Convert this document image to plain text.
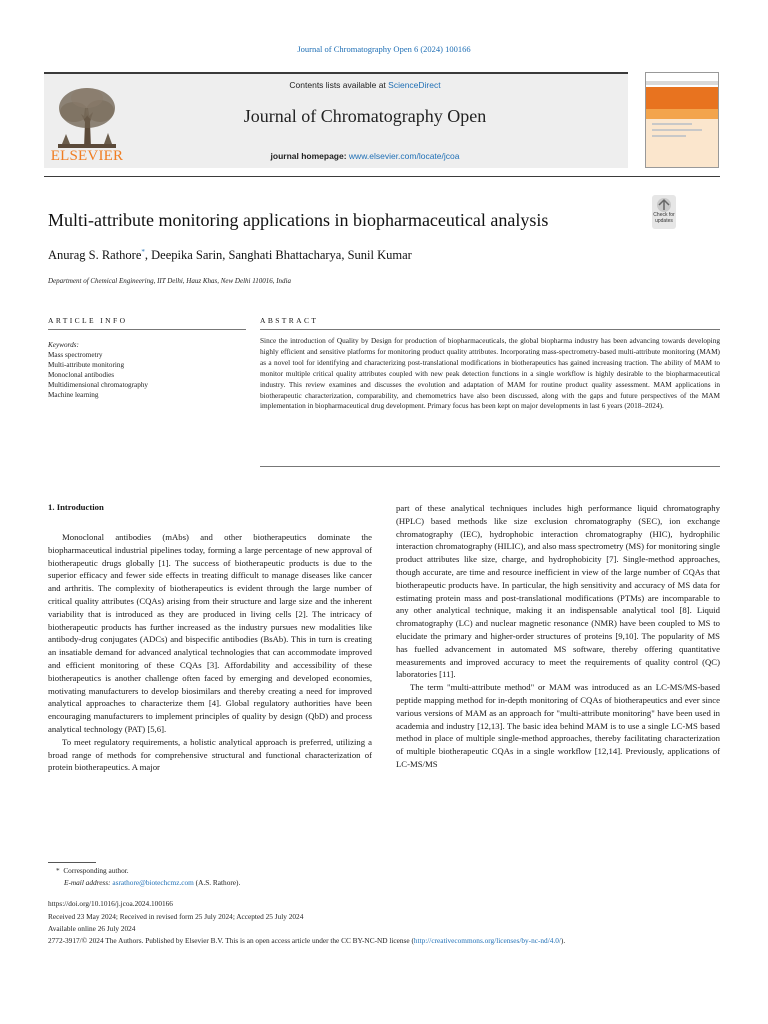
Journal of Chromatography Open 6 (2024) 100166
ELSEVIER
Contents lists available at ScienceDirect
Journal of Chromatography Open
journal homepage: www.elsevier.com/locate/jcoa
Multi-attribute monitoring applications in biopharmaceutical analysis	Check for updates
Anurag S. Rathore*, Deepika Sarin, Sanghati Bhattacharya, Sunil Kumar
Department of Chemical Engineering, IIT Delhi, Hauz Khas, New Delhi 110016, India
ARTICLE INFO	ABSTRACT
Keywords:
Mass spectrometry
Multi-attribute monitoring
Monoclonal antibodies
Multidimensional chromatography
Machine learning
Since the introduction of Quality by Design for production of biopharmaceuticals, the global biopharma industry has been advancing towards developing highly efficient and sensitive platforms for monitoring product quality attributes. Incorporating mass-spectrometry-based multi-attribute monitoring (MAM) as a novel tool for identifying and characterizing post-translational modifications in biotherapeutics has gained increasing traction. The ability of MAM to monitor multiple critical quality attributes coupled with new peak detection functions in a single workflow is highly desirable to the biopharmaceutical industry. This review examines and discusses the evolution and adaptation of MAM for routine product quality assessment. MAM applications in biotherapeutic characterization, comparability, and chemometrics have also been discussed, along with the gaps and future perspectives of the MAM implementation in biopharmaceutical drug development. Primary focus has been kept on major developments in last 6 years (2018–2024).
1. Introduction

Monoclonal antibodies (mAbs) and other biotherapeutics dominate the biopharmaceutical industrial pipelines today, forming a large percentage of new approval of biotherapeutic drugs globally [1]. The success of biotherapeutic products is due to the superior efficacy and fewer side effects in treating difficult to manage diseases like cancer and arthritis. The complexity of biotherapeutics is evident through the large number of critical quality attributes (CQAs) arising from their structure and large size and the inherent variability that is introduced as they are produced in living cells [2]. The intricacy of biotherapeutic products has further increased as the industry pursues new modalities like antibody-drug conjugates (ADCs) and bispecific antibodies (BsAb). This in turn is creating an insatiable demand for advanced analytical technologies that can accommodate improved and efficient monitoring of these CQAs [3]. Affordability and accessibility of these biotherapeutics is another challenge often faced by emerging and developed economies, motivating manufacturers to develop biosimilars and thereby creating a need for improved analytical approaches to characterize them [4]. Global regulatory authorities have been encouraging manufacturers to implement principles of quality by design (QbD) and process analytical technology (PAT) [5,6].

To meet regulatory requirements, a holistic analytical approach is preferred, utilizing a broad range of methods for comprehensive structural and functional characterization of protein biotherapeutics. A major

part of these analytical techniques includes high performance liquid chromatography (HPLC) based methods like size exclusion chromatography (SEC), ion exchange chromatography (IEC), hydrophobic interaction chromatography (HIC), hydrophilic interaction chromatography (HILIC), and also mass spectrometry (MS) for monitoring single product attributes like size, charge, and hydrophobicity [7]. Single-method approaches, though accurate, are time and resource inefficient in view of the large number of CQAs that biotherapeutic products have. In particular, the high sensitivity and accuracy of MS data for estimating protein mass and post-translational modifications (PTMs) are incomparable to any other analytical technique, making it an indispensable analytical tool [8]. Liquid chromatography (LC) and nuclear magnetic resonance (NMR) have been coupled to MS to elucidate the primary and higher-order structures of proteins [9,10]. The popularity of MS has fuelled advancement in automated MS software, thereby offering quantitative measurements and improved accuracy to meet the requirements of quality control (QC) laboratories [11].

The term "multi-attribute method" or MAM was introduced as an LC-MS/MS-based peptide mapping method for in-depth monitoring of CQAs of biotherapeutics and ever since various versions of MAM as an approach for "multi-attribute monitoring" have been used in academia and industry [12,13]. The basic idea behind MAM is to use a single LC-MS based method in place of multiple single-method approaches, thereby facilitating characterization of multiple biotherapeutic CQAs in a single workflow [12,14]. Previously, applications of LC-MS/MS

* Corresponding author.
E-mail address: asrathore@biotechcmz.com (A.S. Rathore).
https://doi.org/10.1016/j.jcoa.2024.100166
Received 23 May 2024; Received in revised form 25 July 2024; Accepted 25 July 2024
Available online 26 July 2024
2772-3917/© 2024 The Authors. Published by Elsevier B.V. This is an open access article under the CC BY-NC-ND license (http://creativecommons.org/licenses/by-nc-nd/4.0/).
